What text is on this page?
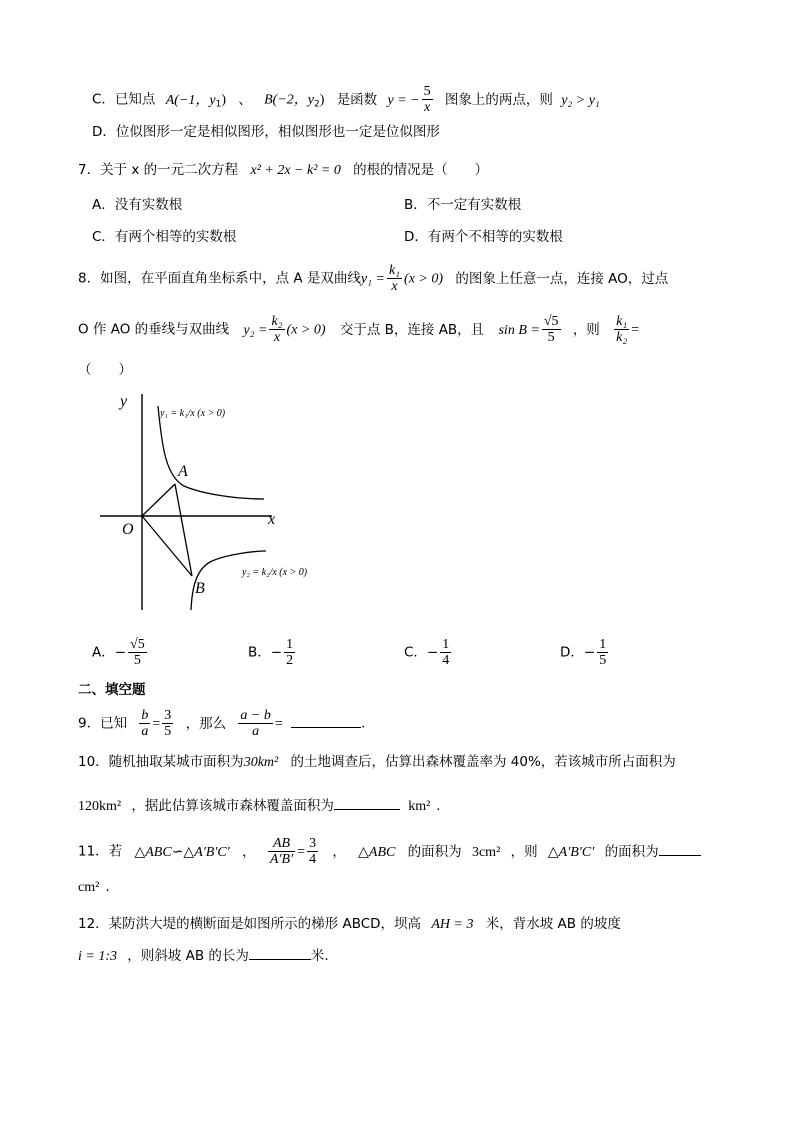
C．已知点 A(−1，$y_1$) 、 B(−2，$y_2$) 是函数 y = − $\frac{5}{x}$ 图象上的两点，则 y₂ > y₁
D．位似图形一定是相似图形，相似图形也一定是位似图形
7．关于 x 的一元二次方程 x² + 2x − k² = 0 的根的情况是（　　）
A．没有实数根	B．不一定有实数根
C．有两个相等的实数根	D．有两个不相等的实数根
8．如图，在平面直角坐标系中，点 A 是双曲线$y_1 = \frac{\text{k₁}}{x} (x > 0)$ 的图象上任意一点，连接 AO，过点
O 作 AO 的垂线与双曲线 $y_2 = \frac{\text{k₂}}{x} (x > 0)$ 交于点 B，连接 AB，且 $\sin B = \frac{√5}{5}$ ，则 $\frac{\text{k₁}}{\text{k₂}}$ =
（　　）
y
x
O
A
B
y₁ = k₁/x (x > 0)
y₂ = k₂/x (x > 0)
A．− $\frac{√5}{5}$	B．− $\frac{1}{2}$	C．− $\frac{1}{4}$	D．− $\frac{1}{5}$
二、填空题
9．已知 $\frac{b}{a} = \frac{3}{5}$ ，那么 $\frac{a - b}{a}$ =	.
10．随机抽取某城市面积为30km² 的土地调查后，估算出森林覆盖率为 40%，若该城市所占面积为
120km² ，据此估算该城市森林覆盖面积为	km² .
11．若 △ABC∽△A′B′C′ ， $\frac{AB}{A'B'} = \frac{3}{4}$ ， △ABC 的面积为 3cm² ，则 △A′B′C′ 的面积为
cm² .
12．某防洪大堤的横断面是如图所示的梯形 ABCD，坝高 AH = 3 米，背水坡 AB 的坡度
i = 1:3 ，则斜坡 AB 的长为	米.
